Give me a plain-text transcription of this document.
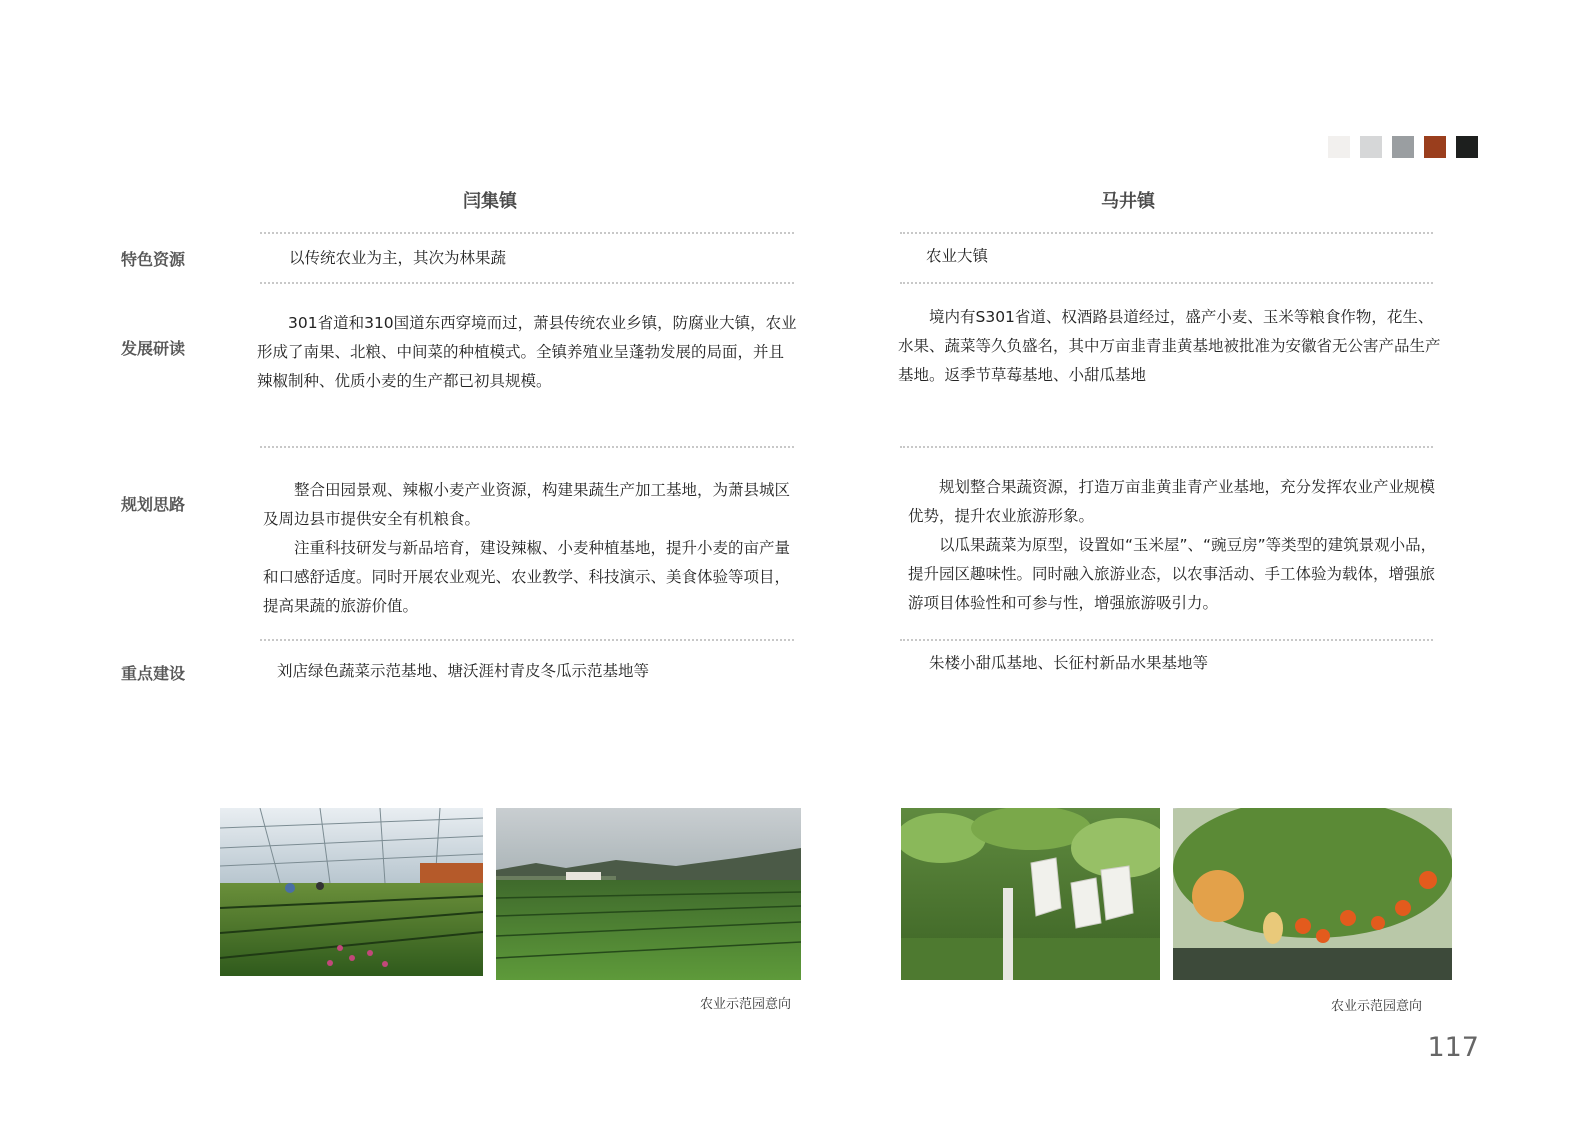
闫集镇	马井镇
特色资源
发展研读
规划思路
重点建设
以传统农业为主，其次为林果蔬

301省道和310国道东西穿境而过，萧县传统农业乡镇，防腐业大镇，农业形成了南果、北粮、中间菜的种植模式。全镇养殖业呈蓬勃发展的局面，并且辣椒制种、优质小麦的生产都已初具规模。

整合田园景观、辣椒小麦产业资源，构建果蔬生产加工基地，为萧县城区及周边县市提供安全有机粮食。

注重科技研发与新品培育，建设辣椒、小麦种植基地，提升小麦的亩产量和口感舒适度。同时开展农业观光、农业教学、科技演示、美食体验等项目，提高果蔬的旅游价值。

刘店绿色蔬菜示范基地、塘沃涯村青皮冬瓜示范基地等
农业大镇

境内有S301省道、权酒路县道经过，盛产小麦、玉米等粮食作物，花生、水果、蔬菜等久负盛名，其中万亩韭青韭黄基地被批准为安徽省无公害产品生产基地。返季节草莓基地、小甜瓜基地

规划整合果蔬资源，打造万亩韭黄韭青产业基地，充分发挥农业产业规模优势，提升农业旅游形象。

以瓜果蔬菜为原型，设置如“玉米屋”、“豌豆房”等类型的建筑景观小品，提升园区趣味性。同时融入旅游业态，以农事活动、手工体验为载体，增强旅游项目体验性和可参与性，增强旅游吸引力。

朱楼小甜瓜基地、长征村新品水果基地等
农业示范园意向	农业示范园意向
117
